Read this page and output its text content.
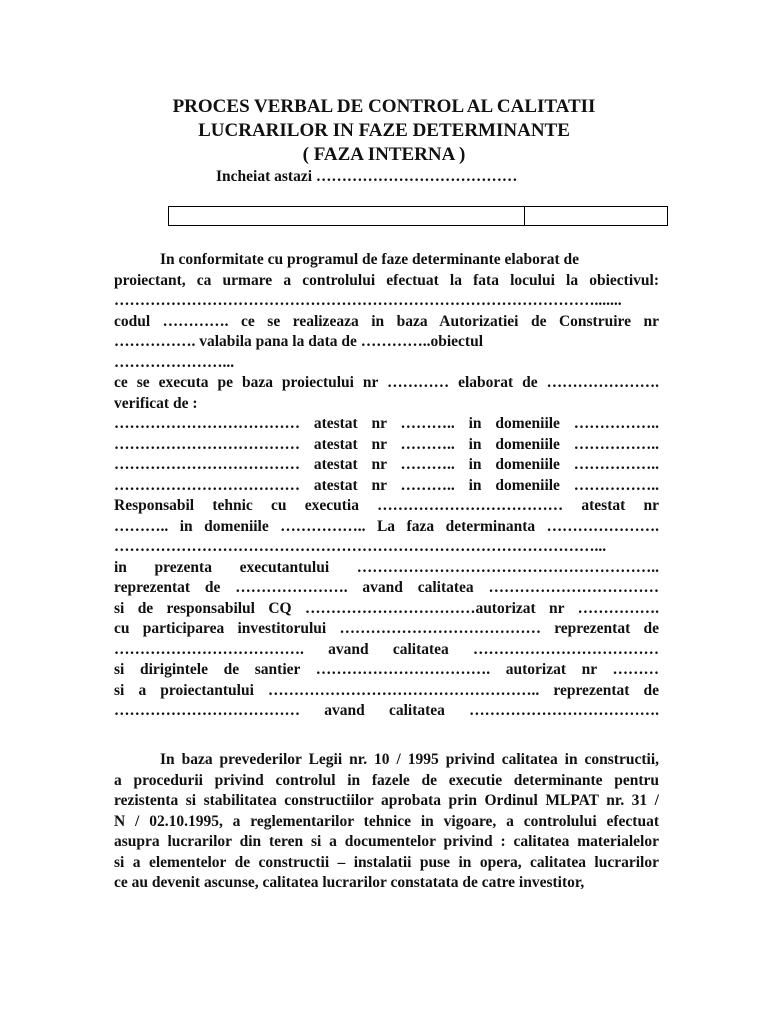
PROCES VERBAL DE CONTROL AL CALITATII
LUCRARILOR IN FAZE DETERMINANTE
( FAZA INTERNA )
Incheiat astazi …………………………………
In conformitate cu programul de faze determinante elaborat de
proiectant, ca urmare a controlului efectuat la fata locului la obiectivul:
………………………………………………………………………………….......
codul …………. ce se realizeaza in baza Autorizatiei de Construire nr
……………. valabila pana la data de …………..obiectul
…………………...
ce se executa pe baza proiectului nr ………… elaborat de ………………….
verificat de :
……………………………… atestat nr ……….. in domeniile ……………..
……………………………… atestat nr ……….. in domeniile ……………..
……………………………… atestat nr ……….. in domeniile ……………..
……………………………… atestat nr ……….. in domeniile ……………..
Responsabil tehnic cu executia ……………………………… atestat nr
……….. in domeniile …………….. La faza determinanta ………………….
…………………………………………………………………………………...
in prezenta executantului …………………………………………………..
reprezentat de …………………. avand calitatea ……………………………
si de responsabilul CQ ……………………………autorizat nr …………….
cu participarea investitorului ………………………………… reprezentat de
………………………………. avand calitatea ………………………………
si dirigintele de santier ……………………………. autorizat nr ………
si a proiectantului …………………………………………….. reprezentat de
……………………………… avand calitatea ……………………………….
In baza prevederilor Legii nr. 10 / 1995 privind calitatea in constructii,
a procedurii privind controlul in fazele de executie determinante pentru
rezistenta si stabilitatea constructiilor aprobata prin Ordinul MLPAT nr. 31 /
N / 02.10.1995, a reglementarilor tehnice in vigoare, a controlului efectuat
asupra lucrarilor din teren si a documentelor privind : calitatea materialelor
si a elementelor de constructii – instalatii puse in opera, calitatea lucrarilor
ce au devenit ascunse, calitatea lucrarilor constatata de catre investitor,
